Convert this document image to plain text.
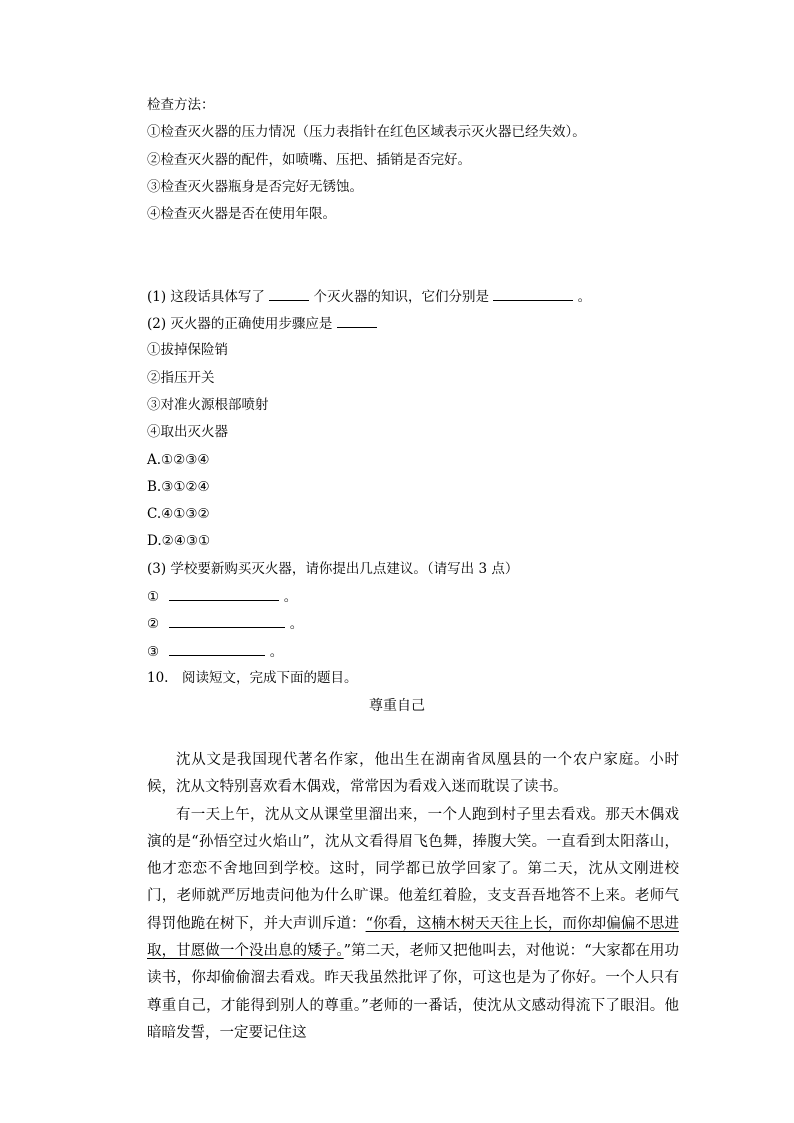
检查方法：
①检查灭火器的压力情况（压力表指针在红色区域表示灭火器已经失效）。
②检查灭火器的配件，如喷嘴、压把、插销是否完好。
③检查灭火器瓶身是否完好无锈蚀。
④检查灭火器是否在使用年限。
(1) 这段话具体写了	个灭火器的知识，它们分别是	。
(2) 灭火器的正确使用步骤应是
①拔掉保险销
②指压开关
③对准火源根部喷射
④取出灭火器
A.①②③④
B.③①②④
C.④①③②
D.②④③①
(3) 学校要新购买灭火器，请你提出几点建议。（请写出 3 点）
①	。
②	。
③	。
10.　阅读短文，完成下面的题目。
尊重自己

沈从文是我国现代著名作家，他出生在湖南省凤凰县的一个农户家庭。小时候，沈从文特别喜欢看木偶戏，常常因为看戏入迷而耽误了读书。

有一天上午，沈从文从课堂里溜出来，一个人跑到村子里去看戏。那天木偶戏演的是“孙悟空过火焰山”，沈从文看得眉飞色舞，捧腹大笑。一直看到太阳落山，他才恋恋不舍地回到学校。这时，同学都已放学回家了。第二天，沈从文刚进校门，老师就严厉地责问他为什么旷课。他羞红着脸，支支吾吾地答不上来。老师气得罚他跪在树下，并大声训斥道：“你看，这楠木树天天往上长，而你却偏偏不思进取，甘愿做一个没出息的矮子。”第二天，老师又把他叫去，对他说：“大家都在用功读书，你却偷偷溜去看戏。昨天我虽然批评了你，可这也是为了你好。一个人只有尊重自己，才能得到别人的尊重。”老师的一番话，使沈从文感动得流下了眼泪。他暗暗发誓，一定要记住这
